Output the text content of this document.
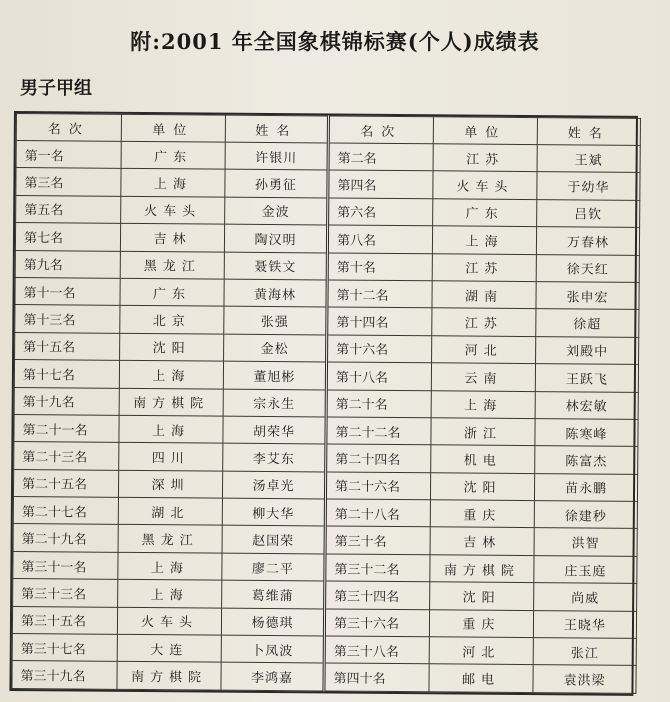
附:2001 年全国象棋锦标赛(个人)成绩表
男子甲组
名次	单位	姓名	名次	单位	姓名
第一名	广东	许银川	第二名	江苏	王斌
第三名	上海	孙勇征	第四名	火车头	于幼华
第五名	火车头	金波	第六名	广东	吕钦
第七名	吉林	陶汉明	第八名	上海	万春林
第九名	黑龙江	聂铁文	第十名	江苏	徐天红
第十一名	广东	黄海林	第十二名	湖南	张申宏
第十三名	北京	张强	第十四名	江苏	徐超
第十五名	沈阳	金松	第十六名	河北	刘殿中
第十七名	上海	董旭彬	第十八名	云南	王跃飞
第十九名	南方棋院	宗永生	第二十名	上海	林宏敏
第二十一名	上海	胡荣华	第二十二名	浙江	陈寒峰
第二十三名	四川	李艾东	第二十四名	机电	陈富杰
第二十五名	深圳	汤卓光	第二十六名	沈阳	苗永鹏
第二十七名	湖北	柳大华	第二十八名	重庆	徐建秒
第二十九名	黑龙江	赵国荣	第三十名	吉林	洪智
第三十一名	上海	廖二平	第三十二名	南方棋院	庄玉庭
第三十三名	上海	葛维蒲	第三十四名	沈阳	尚威
第三十五名	火车头	杨德琪	第三十六名	重庆	王晓华
第三十七名	大连	卜凤波	第三十八名	河北	张江
第三十九名	南方棋院	李鸿嘉	第四十名	邮电	袁洪梁
